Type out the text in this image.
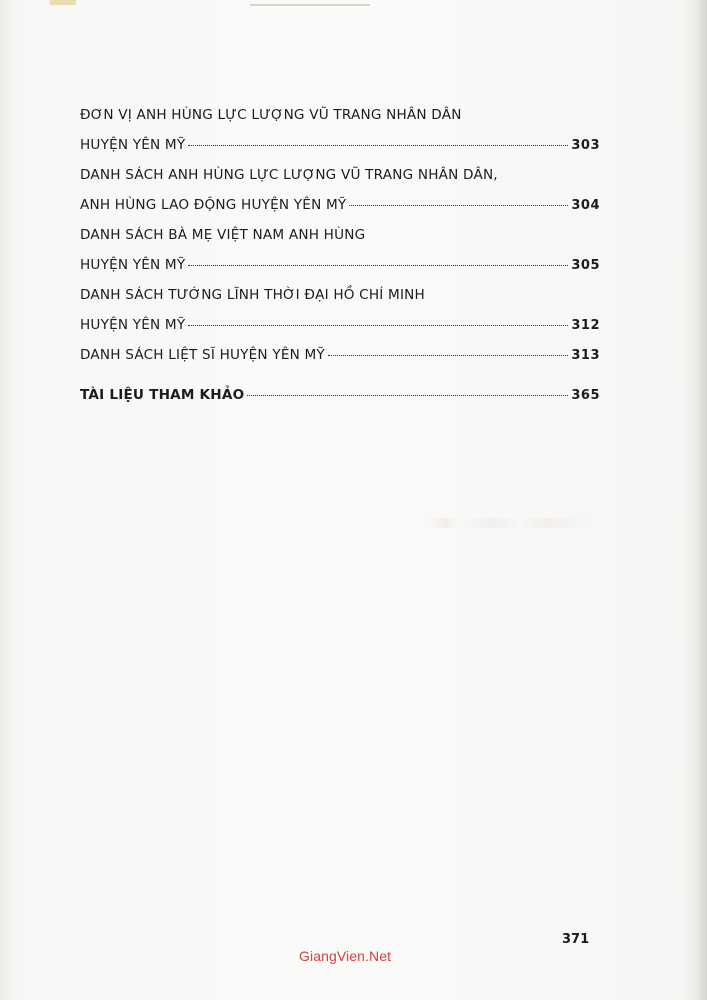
ĐƠN VỊ ANH HÙNG LỰC LƯỢNG VŨ TRANG NHÂN DÂN
HUYỆN YÊN MỸ	303
DANH SÁCH ANH HÙNG LỰC LƯỢNG VŨ TRANG NHÂN DÂN,
ANH HÙNG LAO ĐỘNG HUYỆN YÊN MỸ	304
DANH SÁCH BÀ MẸ VIỆT NAM ANH HÙNG
HUYỆN YÊN MỸ	305
DANH SÁCH TƯỚNG LĨNH THỜI ĐẠI HỒ CHÍ MINH
HUYỆN YÊN MỸ	312
DANH SÁCH LIỆT SĨ HUYỆN YÊN MỸ	313
TÀI LIỆU THAM KHẢO	365
371
GiangVien.Net
